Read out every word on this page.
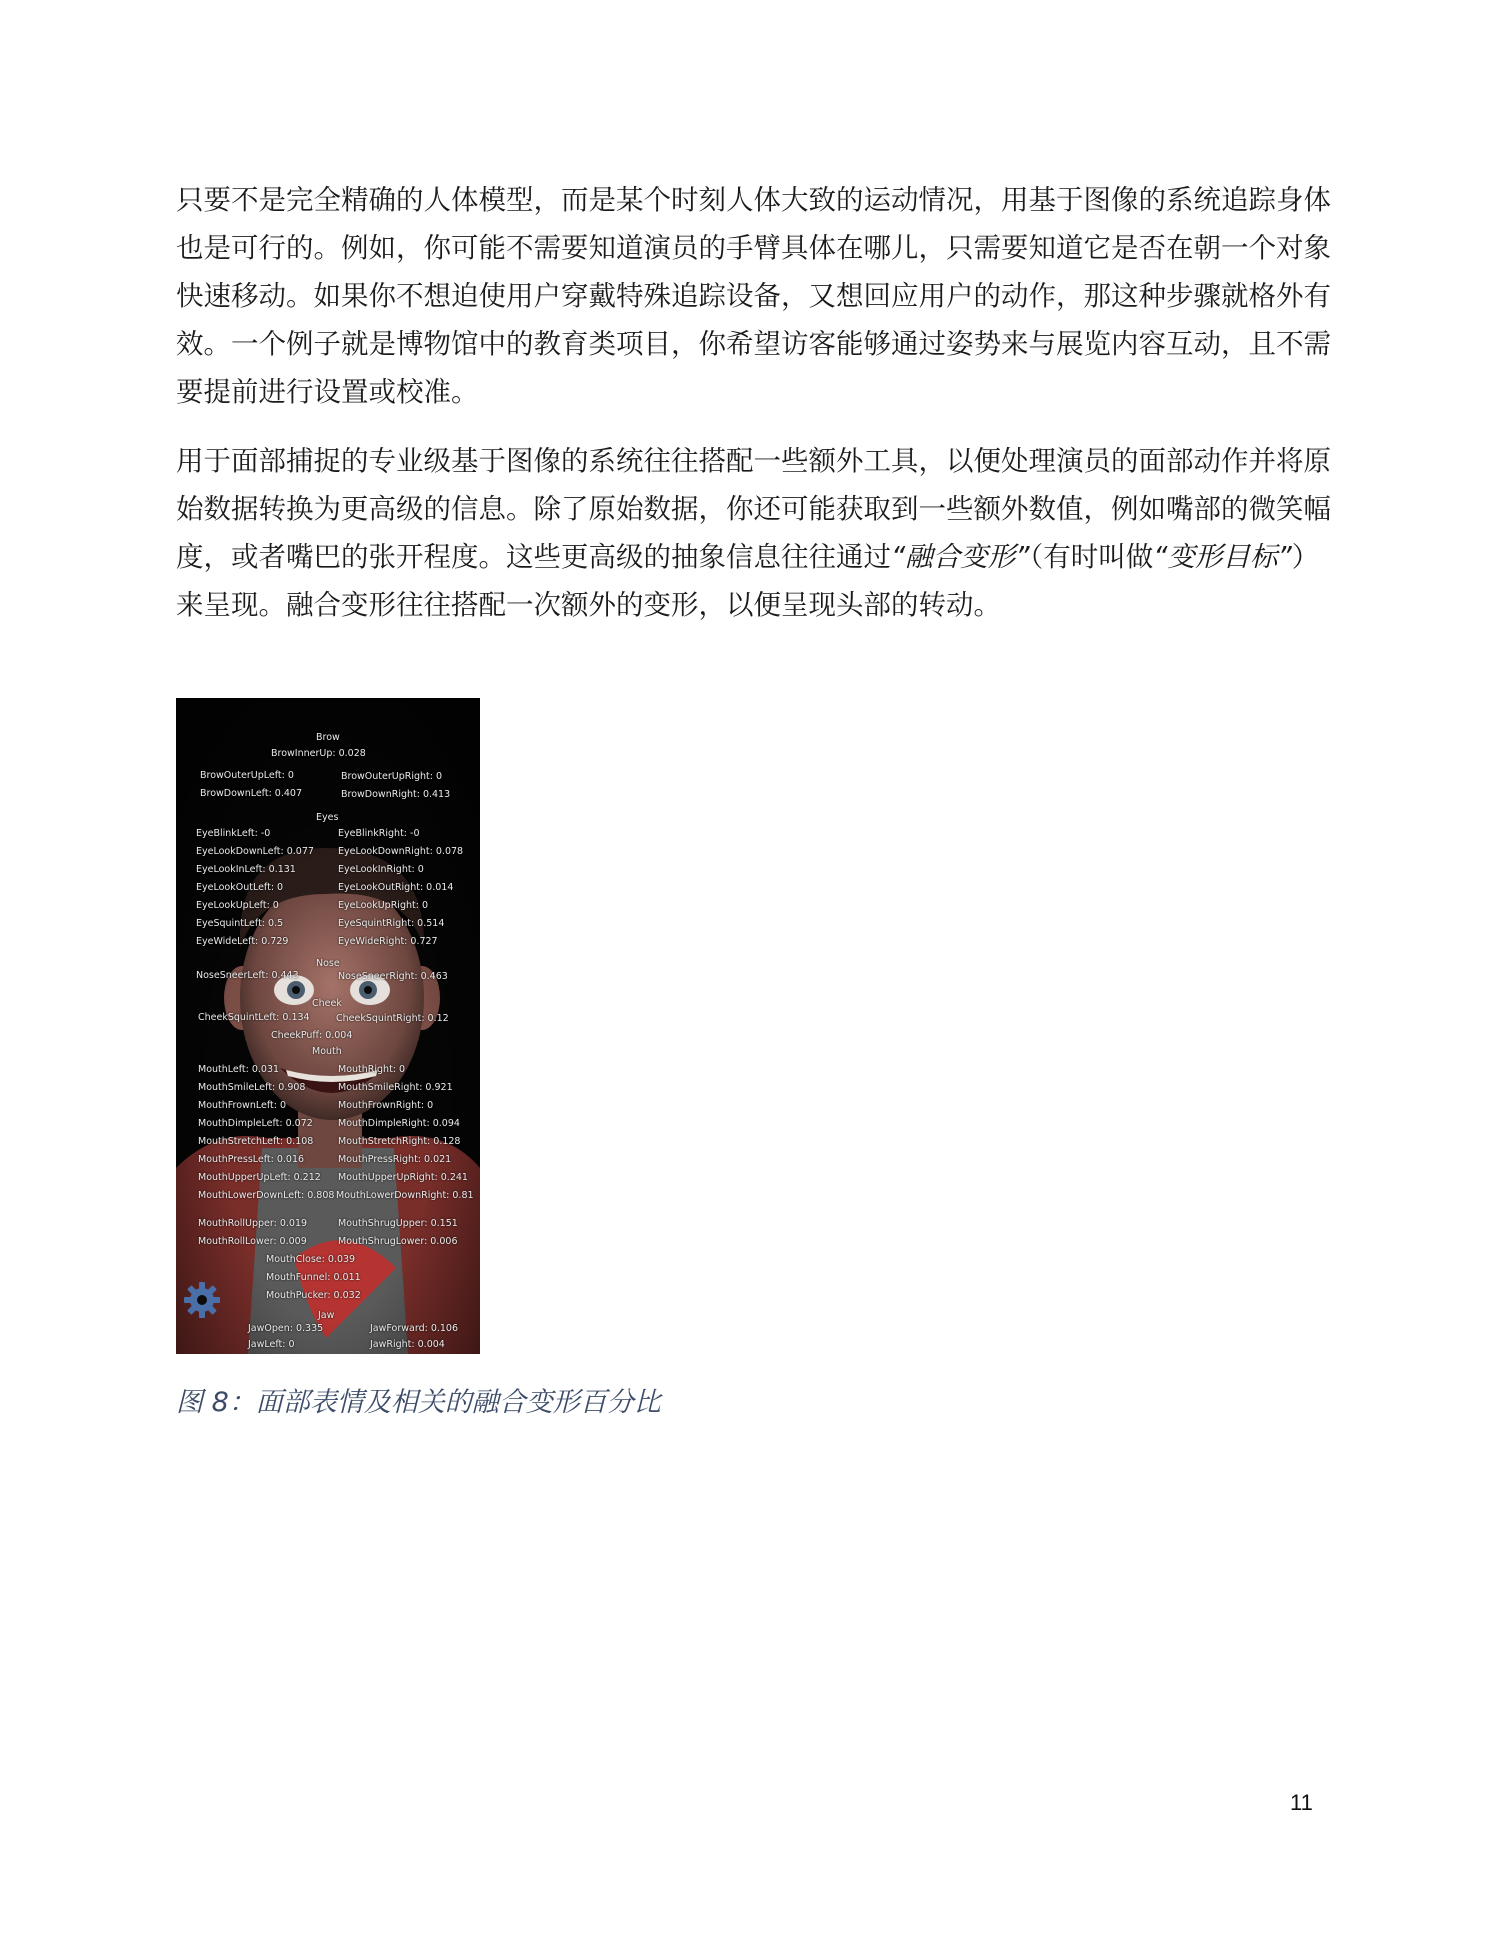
只要不是完全精确的人体模型，而是某个时刻人体大致的运动情况，用基于图像的系统追踪身体也是可行的。例如，你可能不需要知道演员的手臂具体在哪儿，只需要知道它是否在朝一个对象快速移动。如果你不想迫使用户穿戴特殊追踪设备，又想回应用户的动作，那这种步骤就格外有效。一个例子就是博物馆中的教育类项目，你希望访客能够通过姿势来与展览内容互动，且不需要提前进行设置或校准。

用于面部捕捉的专业级基于图像的系统往往搭配一些额外工具，以便处理演员的面部动作并将原始数据转换为更高级的信息。除了原始数据，你还可能获取到一些额外数值，例如嘴部的微笑幅度，或者嘴巴的张开程度。这些更高级的抽象信息往往通过“融合变形”（有时叫做“变形目标”）来呈现。融合变形往往搭配一次额外的变形，以便呈现头部的转动。

Brow
Eyes
Nose
Cheek
Mouth
Jaw
BrowInnerUp: 0.028
BrowOuterUpLeft: 0	BrowOuterUpRight: 0
BrowDownLeft: 0.407	BrowDownRight: 0.413
EyeBlinkLeft: -0	EyeBlinkRight: -0
EyeLookDownLeft: 0.077	EyeLookDownRight: 0.078
EyeLookInLeft: 0.131	EyeLookInRight: 0
EyeLookOutLeft: 0	EyeLookOutRight: 0.014
EyeLookUpLeft: 0	EyeLookUpRight: 0
EyeSquintLeft: 0.5	EyeSquintRight: 0.514
EyeWideLeft: 0.729	EyeWideRight: 0.727
NoseSneerLeft: 0.443	NoseSneerRight: 0.463
CheekSquintLeft: 0.134	CheekSquintRight: 0.12
CheekPuff: 0.004
MouthLeft: 0.031	MouthRight: 0
MouthSmileLeft: 0.908	MouthSmileRight: 0.921
MouthFrownLeft: 0	MouthFrownRight: 0
MouthDimpleLeft: 0.072	MouthDimpleRight: 0.094
MouthStretchLeft: 0.108	MouthStretchRight: 0.128
MouthPressLeft: 0.016	MouthPressRight: 0.021
MouthUpperUpLeft: 0.212 MouthUpperUpRight: 0.241
MouthLowerDownLeft: 0.808 MouthLowerDownRight: 0.81
MouthRollUpper: 0.019	MouthShrugUpper: 0.151
MouthRollLower: 0.009	MouthShrugLower: 0.006
MouthClose: 0.039
MouthFunnel: 0.011
MouthPucker: 0.032
JawOpen: 0.335	JawForward: 0.106
JawLeft: 0	JawRight: 0.004

图 8：面部表情及相关的融合变形百分比

11
